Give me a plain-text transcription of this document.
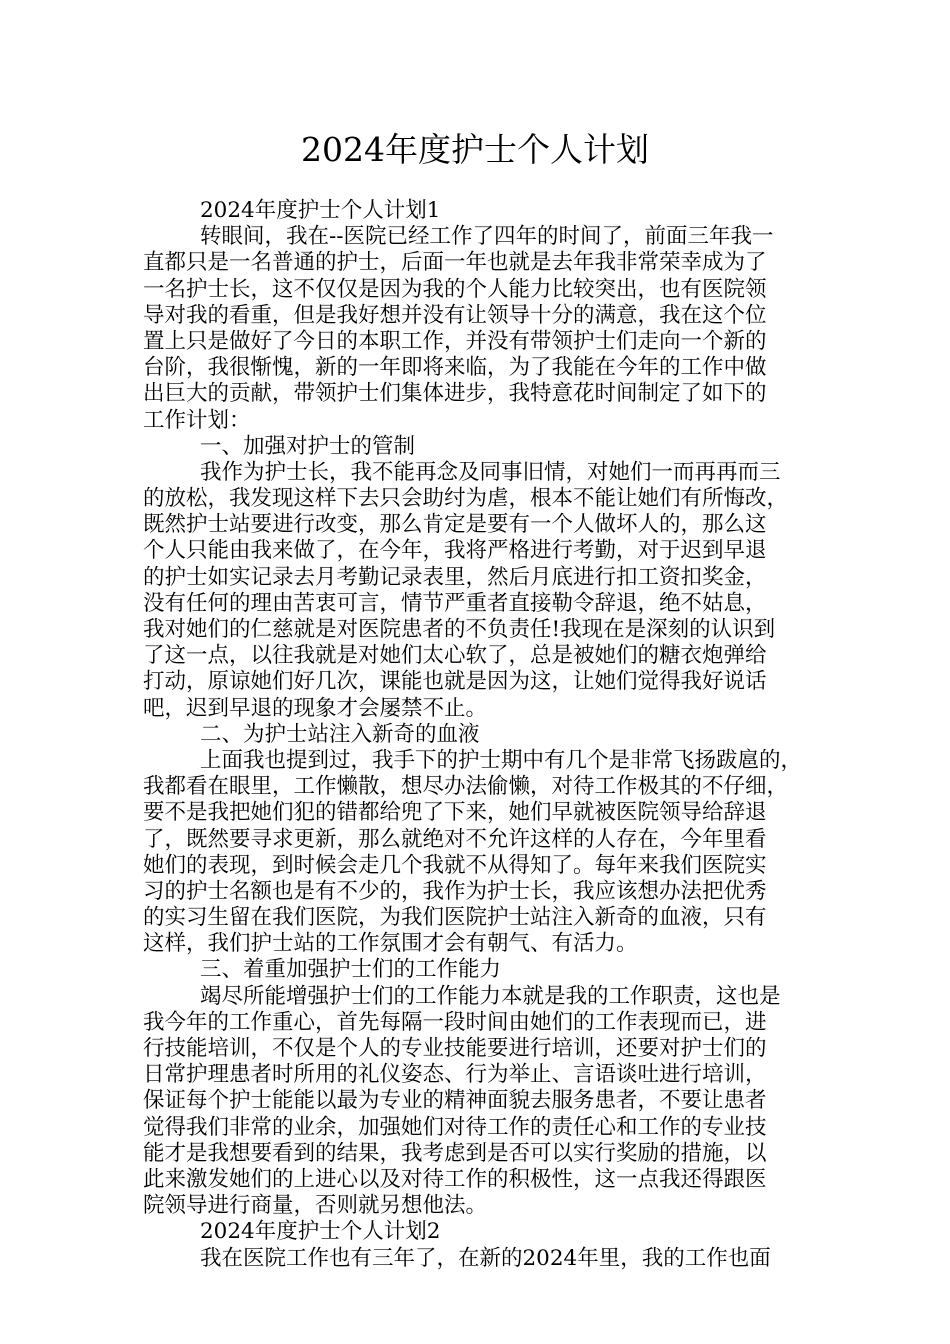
2024年度护士个人计划
2024年度护士个人计划1
转眼间，我在--医院已经工作了四年的时间了，前面三年我一
直都只是一名普通的护士，后面一年也就是去年我非常荣幸成为了
一名护士长，这不仅仅是因为我的个人能力比较突出，也有医院领
导对我的看重，但是我好想并没有让领导十分的满意，我在这个位
置上只是做好了今日的本职工作，并没有带领护士们走向一个新的
台阶，我很惭愧，新的一年即将来临，为了我能在今年的工作中做
出巨大的贡献，带领护士们集体进步，我特意花时间制定了如下的
工作计划：
一、加强对护士的管制
我作为护士长，我不能再念及同事旧情，对她们一而再再而三
的放松，我发现这样下去只会助纣为虐，根本不能让她们有所悔改，
既然护士站要进行改变，那么肯定是要有一个人做坏人的，那么这
个人只能由我来做了，在今年，我将严格进行考勤，对于迟到早退
的护士如实记录去月考勤记录表里，然后月底进行扣工资扣奖金，
没有任何的理由苦衷可言，情节严重者直接勒令辞退，绝不姑息，
我对她们的仁慈就是对医院患者的不负责任!我现在是深刻的认识到
了这一点，以往我就是对她们太心软了，总是被她们的糖衣炮弹给
打动，原谅她们好几次，课能也就是因为这，让她们觉得我好说话
吧，迟到早退的现象才会屡禁不止。
二、为护士站注入新奇的血液
上面我也提到过，我手下的护士期中有几个是非常飞扬跋扈的，
我都看在眼里，工作懒散，想尽办法偷懒，对待工作极其的不仔细，
要不是我把她们犯的错都给兜了下来，她们早就被医院领导给辞退
了，既然要寻求更新，那么就绝对不允许这样的人存在，今年里看
她们的表现，到时候会走几个我就不从得知了。每年来我们医院实
习的护士名额也是有不少的，我作为护士长，我应该想办法把优秀
的实习生留在我们医院，为我们医院护士站注入新奇的血液，只有
这样，我们护士站的工作氛围才会有朝气、有活力。
三、着重加强护士们的工作能力
竭尽所能增强护士们的工作能力本就是我的工作职责，这也是
我今年的工作重心，首先每隔一段时间由她们的工作表现而已，进
行技能培训，不仅是个人的专业技能要进行培训，还要对护士们的
日常护理患者时所用的礼仪姿态、行为举止、言语谈吐进行培训，
保证每个护士能能以最为专业的精神面貌去服务患者，不要让患者
觉得我们非常的业余，加强她们对待工作的责任心和工作的专业技
能才是我想要看到的结果，我考虑到是否可以实行奖励的措施，以
此来激发她们的上进心以及对待工作的积极性，这一点我还得跟医
院领导进行商量，否则就另想他法。
2024年度护士个人计划2
我在医院工作也有三年了，在新的2024年里，我的工作也面
